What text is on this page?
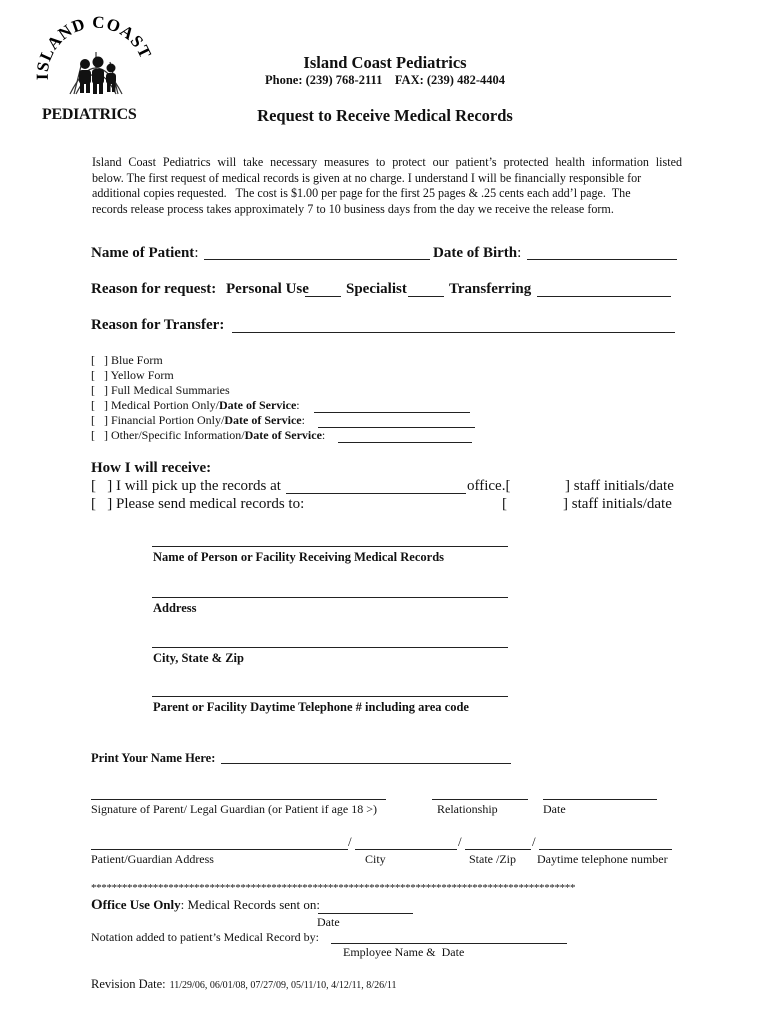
ISLAND COAST
PEDIATRICS
Island Coast Pediatrics
Phone: (239) 768-2111    FAX: (239) 482-4404
Request to Receive Medical Records
Island Coast Pediatrics will take necessary measures to protect our patient’s protected health information listed
below. The first request of medical records is given at no charge. I understand I will be financially responsible for
additional copies requested.   The cost is $1.00 per page for the first 25 pages & .25 cents each add’l page.  The
records release process takes approximately 7 to 10 business days from the day we receive the release form.
Name of Patient:	Date of Birth:
Reason for request: Personal Use Specialist	Transferring
Reason for Transfer:
[   ] Blue Form
[   ] Yellow Form
[   ] Full Medical Summaries
[   ] Medical Portion Only/Date of Service:
[   ] Financial Portion Only/Date of Service:
[   ] Other/Specific Information/Date of Service:
How I will receive:
[   ] I will pick up the records at	office.[	] staff initials/date
[   ] Please send medical records to:	[	] staff initials/date
Name of Person or Facility Receiving Medical Records
Address
City, State & Zip
Parent or Facility Daytime Telephone # including area code
Print Your Name Here:
Signature of Parent/ Legal Guardian (or Patient if age 18 >)	Relationship	Date
/	/	/
Patient/Guardian Address	City	State /Zip Daytime telephone number
**********************************************************************************************
Office Use Only: Medical Records sent on:
Date
Notation added to patient’s Medical Record by:
Employee Name &  Date
Revision Date: 11/29/06, 06/01/08, 07/27/09, 05/11/10, 4/12/11, 8/26/11
